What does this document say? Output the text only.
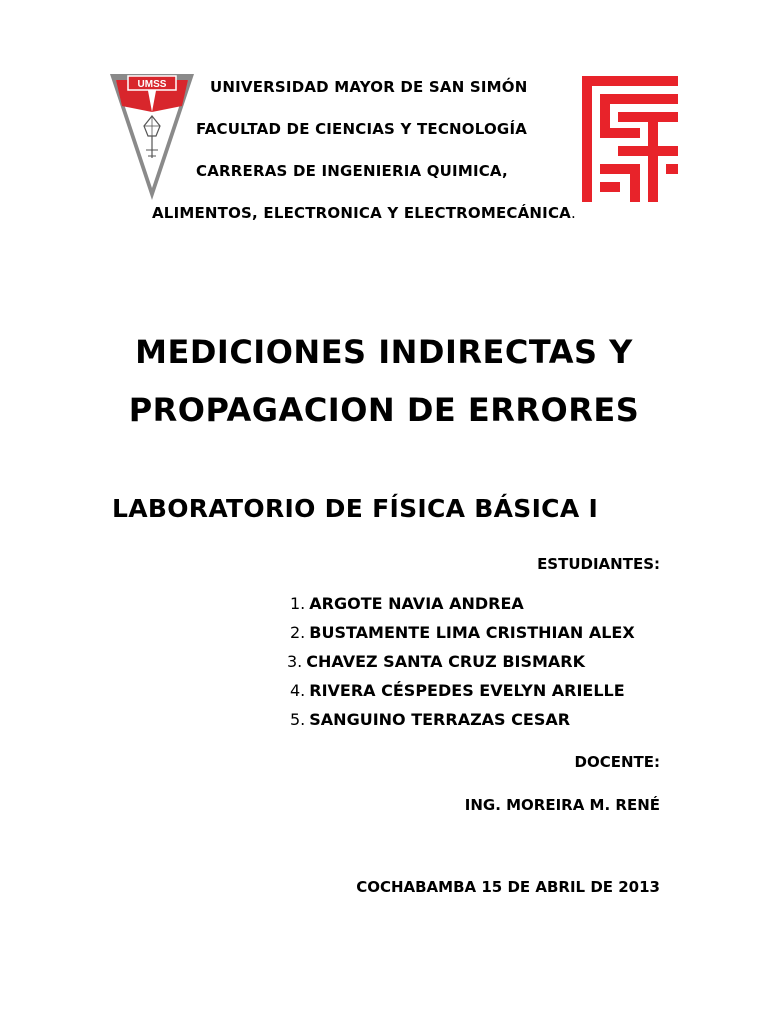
UMSS	UNIVERSIDAD MAYOR DE SAN SIMÓN
FACULTAD DE CIENCIAS Y TECNOLOGÍA
CARRERAS DE INGENIERIA QUIMICA,
ALIMENTOS, ELECTRONICA Y ELECTROMECÁNICA.
MEDICIONES INDIRECTAS Y
PROPAGACION DE ERRORES
LABORATORIO DE FÍSICA BÁSICA I
ESTUDIANTES:
1. ARGOTE NAVIA ANDREA
2. BUSTAMENTE LIMA CRISTHIAN ALEX
3. CHAVEZ SANTA CRUZ BISMARK
4. RIVERA CÉSPEDES EVELYN ARIELLE
5. SANGUINO TERRAZAS CESAR
DOCENTE:
ING. MOREIRA M. RENÉ
COCHABAMBA 15 DE ABRIL DE 2013
